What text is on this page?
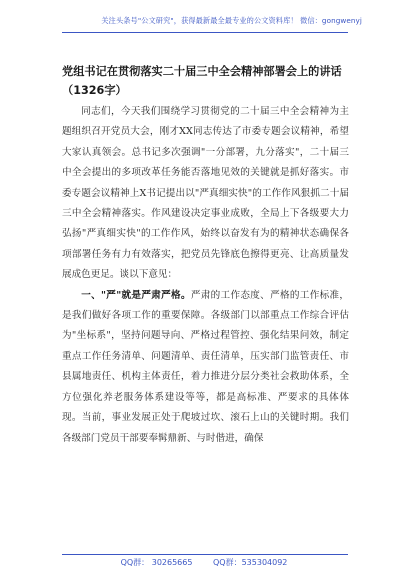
关注头条号"公文研究"，获得最新最全最专业的公文资料库！ 微信：gongwenyj
党组书记在贯彻落实二十届三中全会精神部署会上的讲话
（1326字）

同志们，今天我们围绕学习贯彻党的二十届三中全会精神为主题组织召开党员大会，刚才XX同志传达了市委专题会议精神，希望大家认真领会。总书记多次强调"一分部署，九分落实"，二十届三中全会提出的多项改革任务能否落地见效的关键就是抓好落实。市委专题会议精神上X书记提出以"严真细实快"的工作作风狠抓二十届三中全会精神落实。作风建设决定事业成败，全局上下各级要大力弘扬"严真细实快"的工作作风，始终以奋发有为的精神状态确保各项部署任务有力有效落实，把党员先锋底色擦得更亮、让高质量发展成色更足。谈以下意见：

一、"严"就是严肃严格。严肃的工作态度、严格的工作标准，是我们做好各项工作的重要保障。各级部门以部重点工作综合评估为"坐标系"，坚持问题导向、严格过程管控、强化结果问效，制定重点工作任务清单、问题清单、责任清单，压实部门监管责任、市县属地责任、机构主体责任，着力推进分层分类社会救助体系，全方位强化养老服务体系建设等等，都是高标准、严要求的具体体现。当前，事业发展正处于爬坡过坎、滚石上山的关键时期。我们各级部门党员干部要奉髯鼎新、与时偕进，确保

QQ群： 30265665	QQ群：535304092
